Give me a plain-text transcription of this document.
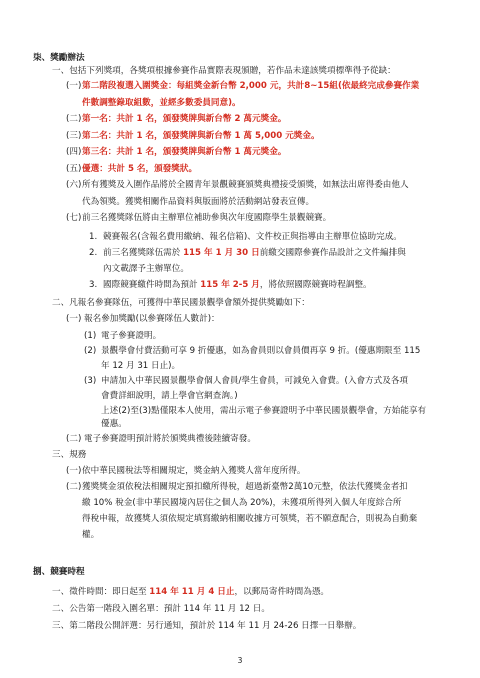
柒、獎勵辦法
一、包括下列獎項，各獎項根據參賽作品實際表現頒贈，若作品未達該獎項標準得予從缺：
(一) 第二階段複選入圍獎金：每組獎金新台幣 2,000 元，共計8~15組(依最終完成參賽作業
件數調整錄取組數，並經多數委員同意)。
(二) 第一名：共計 1 名，頒發獎牌與新台幣 2 萬元獎金。
(三) 第二名：共計 1 名，頒發獎牌與新台幣 1 萬 5,000 元獎金。
(四) 第三名：共計 1 名，頒發獎牌與新台幣 1 萬元獎金。
(五) 優選：共計 5 名，頒發獎狀。
(六) 所有獲獎及入圍作品將於全國青年景觀競賽頒獎典禮接受頒獎，如無法出席得委由他人
代為領獎。獲獎相關作品資料與版面將於活動網站發表宣傳。
(七) 前三名獲獎隊伍將由主辦單位補助參與次年度國際學生景觀競賽。
1. 競賽報名(含報名費用繳納、報名信箱)、文件校正與指導由主辦單位協助完成。
2. 前三名獲獎隊伍需於 115 年 1 月 30 日前繳交國際參賽作品設計之文件編排與
內文載譯予主辦單位。
3. 國際競賽繳件時間為預計 115 年 2-5 月，將依照國際競賽時程調整。
二、凡報名參賽隊伍，可獲得中華民國景觀學會額外提供獎勵如下：
(一) 報名參加獎勵(以參賽隊伍人數計)：
(1) 電子參賽證明。
(2) 景觀學會付費活動可享 9 折優惠，如為會員則以會員價再享 9 折。(優惠期限至 115
年 12 月 31 日止)。
(3) 申請加入中華民國景觀學會個人會員/學生會員，可減免入會費。(入會方式及各項
會費詳細說明，請上學會官網查詢。)
上述(2)至(3)點僅限本人使用，需出示電子參賽證明予中華民國景觀學會，方始能享有
優惠。
(二) 電子參賽證明預計將於頒獎典禮後陸續寄發。
三、規務
(一) 依中華民國稅法等相關規定，獎金納入獲獎人當年度所得。
(二) 獲獎獎金須依稅法相關規定預扣繳所得稅，超過新臺幣2萬10元整，依法代獲獎金者扣
繳 10% 稅金(非中華民國境內居住之個人為 20%)，未獲項所得列入個人年度綜合所
得稅申報，故獲獎人須依規定填寫繳納相關收據方可領獎，若不願意配合，則視為自動棄
權。
捌、競賽時程
一、徵件時間：即日起至 114 年 11 月 4 日止，以郵局寄件時間為憑。
二、公告第一階段入圍名單：預計 114 年 11 月 12 日。
三、第二階段公開評選：另行通知，預計於 114 年 11 月 24-26 日擇一日舉辦。
3
